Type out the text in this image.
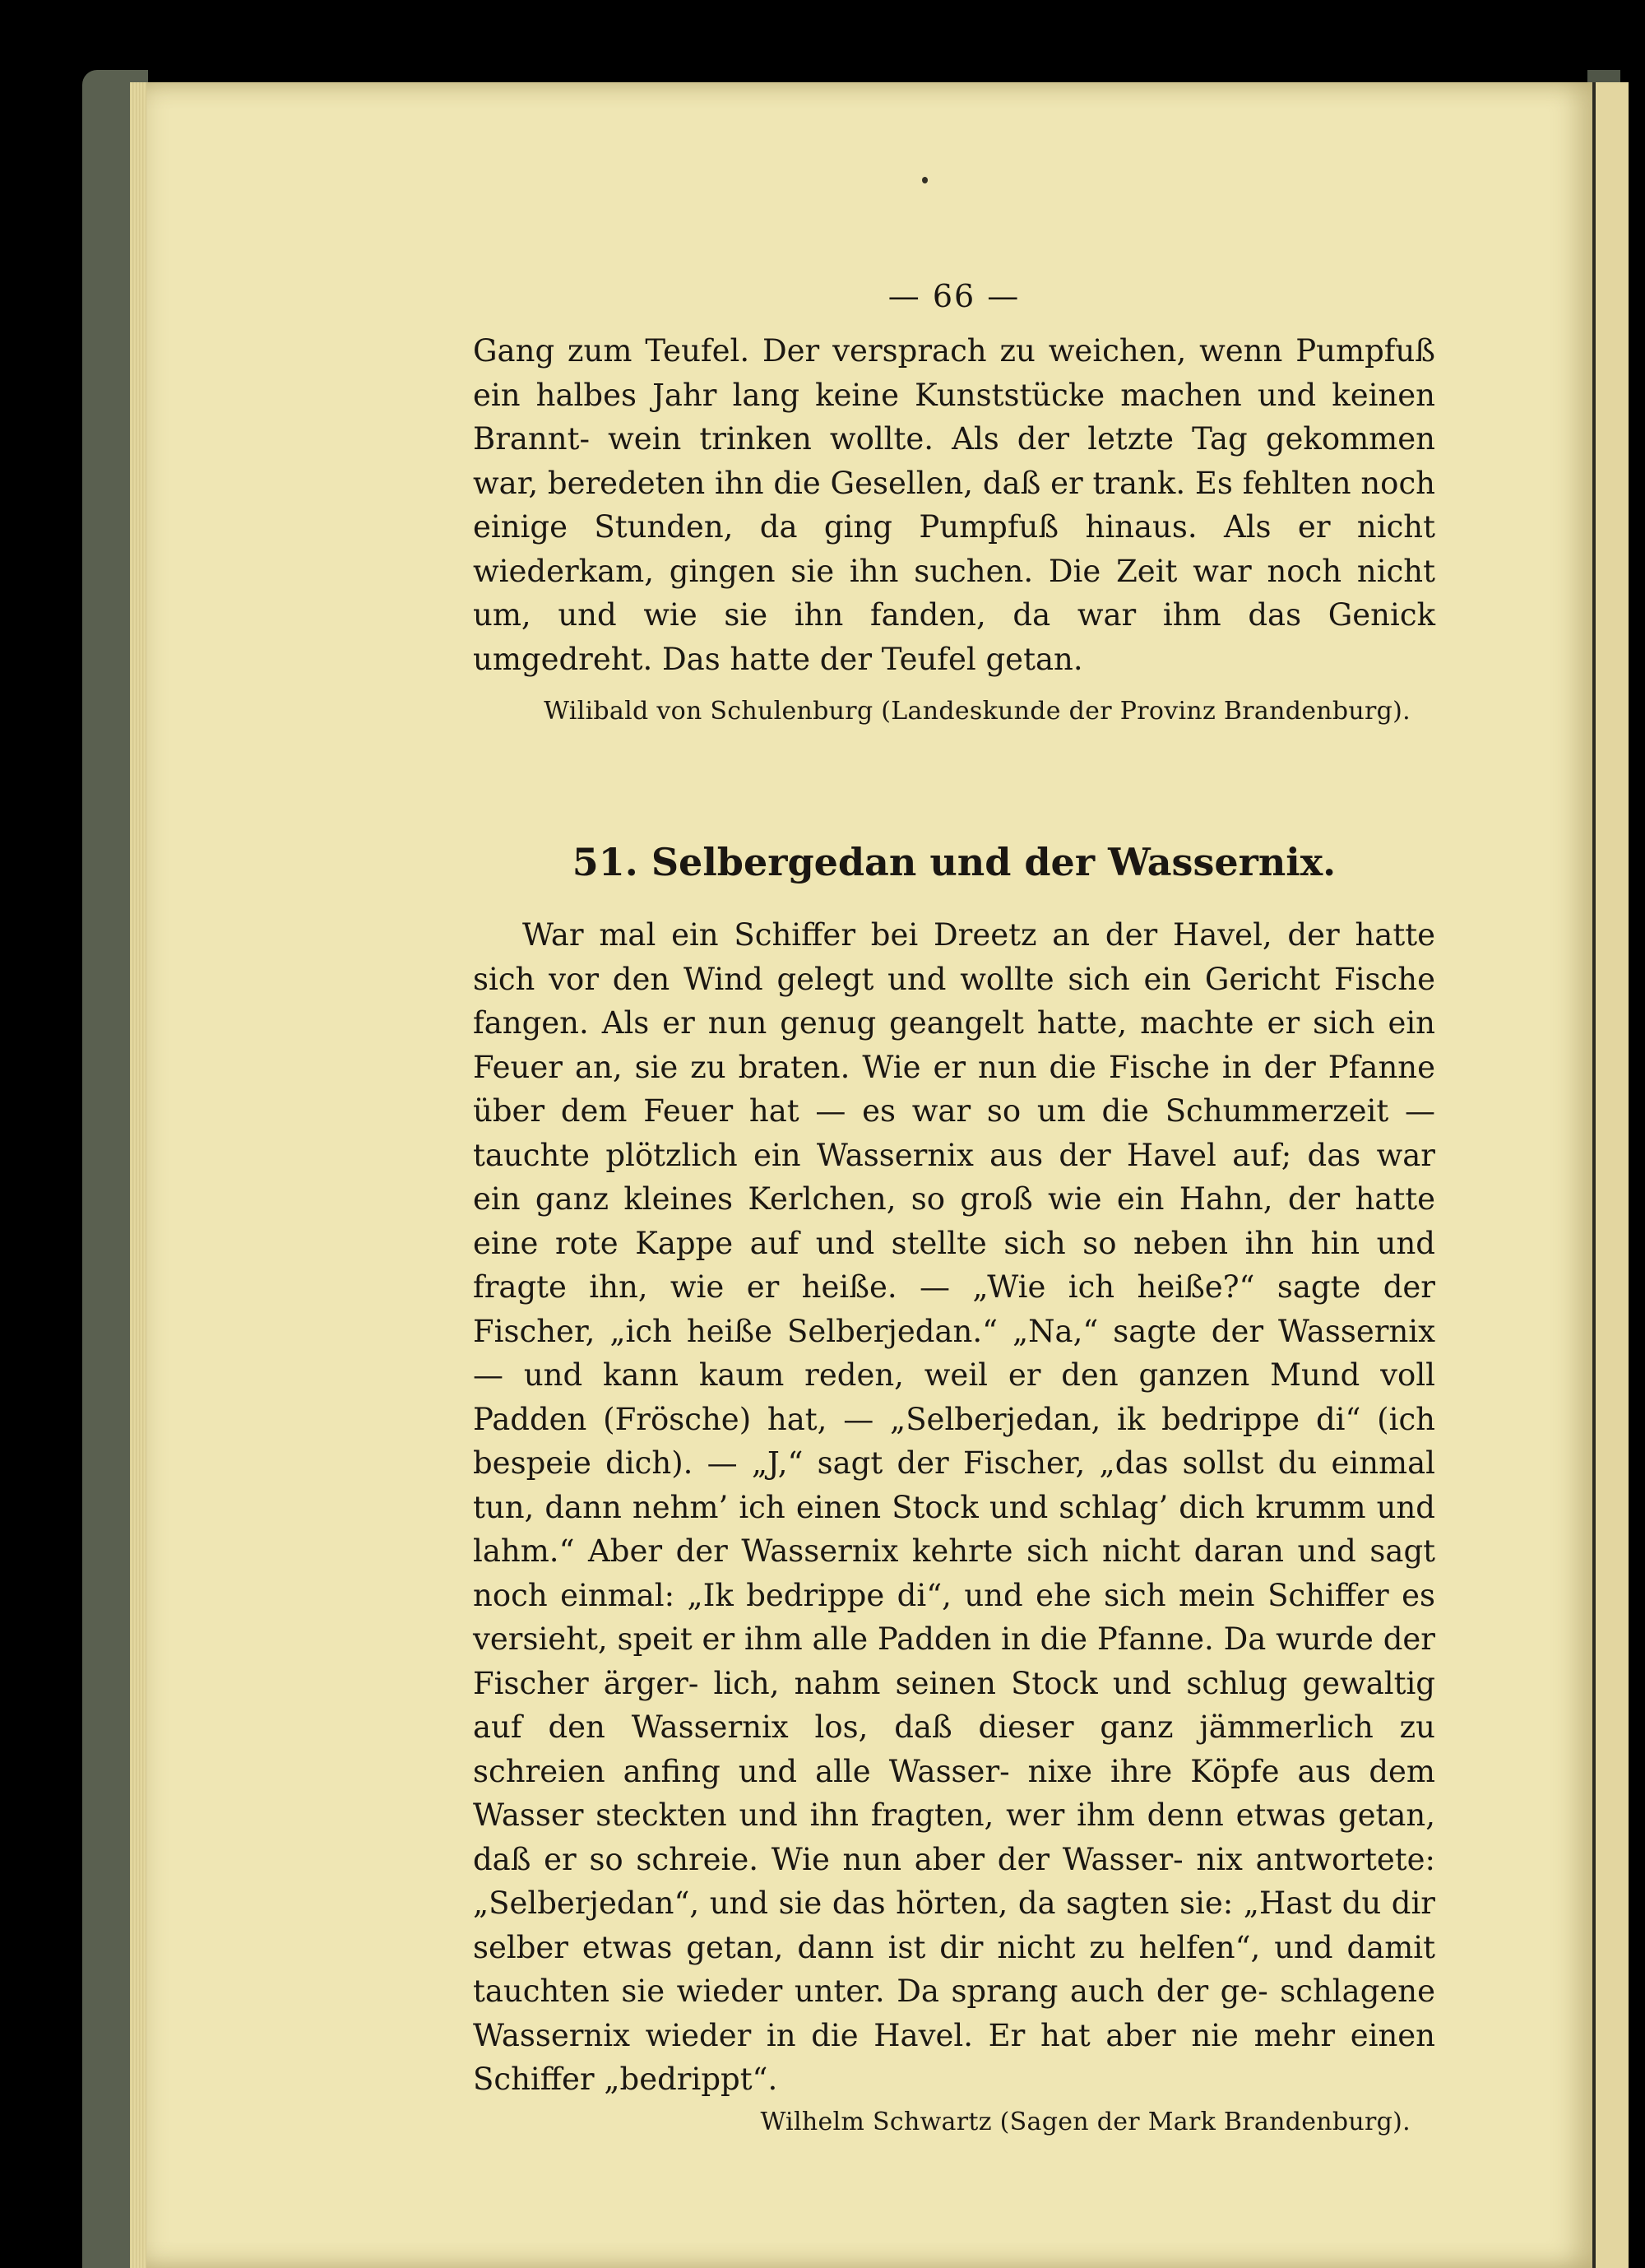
— 66 —

Gang zum Teufel. Der versprach zu weichen, wenn Pumpfuß ein halbes Jahr lang keine Kunststücke machen und keinen Brannt- wein trinken wollte. Als der letzte Tag gekommen war, beredeten ihn die Gesellen, daß er trank. Es fehlten noch einige Stunden, da ging Pumpfuß hinaus. Als er nicht wiederkam, gingen sie ihn suchen. Die Zeit war noch nicht um, und wie sie ihn fanden, da war ihm das Genick umgedreht. Das hatte der Teufel getan.

Wilibald von Schulenburg (Landeskunde der Provinz Brandenburg).

51. Selbergedan und der Wassernix.

War mal ein Schiffer bei Dreetz an der Havel, der hatte sich vor den Wind gelegt und wollte sich ein Gericht Fische fangen. Als er nun genug geangelt hatte, machte er sich ein Feuer an, sie zu braten. Wie er nun die Fische in der Pfanne über dem Feuer hat — es war so um die Schummerzeit — tauchte plötzlich ein Wassernix aus der Havel auf; das war ein ganz kleines Kerlchen, so groß wie ein Hahn, der hatte eine rote Kappe auf und stellte sich so neben ihn hin und fragte ihn, wie er heiße. — „Wie ich heiße?“ sagte der Fischer, „ich heiße Selberjedan.“ „Na,“ sagte der Wassernix — und kann kaum reden, weil er den ganzen Mund voll Padden (Frösche) hat, — „Selberjedan, ik bedrippe di“ (ich bespeie dich). — „J,“ sagt der Fischer, „das sollst du einmal tun, dann nehm’ ich einen Stock und schlag’ dich krumm und lahm.“ Aber der Wassernix kehrte sich nicht daran und sagt noch einmal: „Ik bedrippe di“, und ehe sich mein Schiffer es versieht, speit er ihm alle Padden in die Pfanne. Da wurde der Fischer ärger- lich, nahm seinen Stock und schlug gewaltig auf den Wassernix los, daß dieser ganz jämmerlich zu schreien anfing und alle Wasser- nixe ihre Köpfe aus dem Wasser steckten und ihn fragten, wer ihm denn etwas getan, daß er so schreie. Wie nun aber der Wasser- nix antwortete: „Selberjedan“, und sie das hörten, da sagten sie: „Hast du dir selber etwas getan, dann ist dir nicht zu helfen“, und damit tauchten sie wieder unter. Da sprang auch der ge- schlagene Wassernix wieder in die Havel. Er hat aber nie mehr einen Schiffer „bedrippt“.

Wilhelm Schwartz (Sagen der Mark Brandenburg).
